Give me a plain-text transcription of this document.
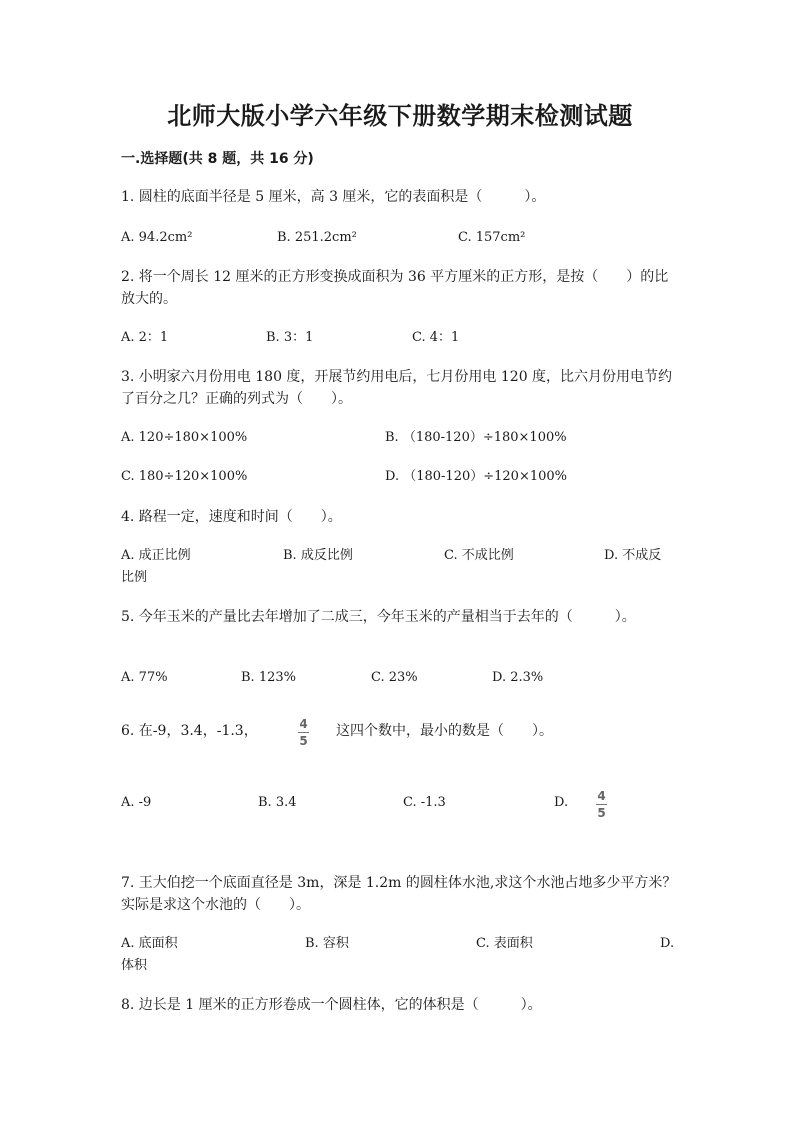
北师大版小学六年级下册数学期末检测试题
一.选择题(共 8 题，共 16 分)
1. 圆柱的底面半径是 5 厘米，高 3 厘米，它的表面积是（　　　）。
A. 94.2cm²	B. 251.2cm²	C. 157cm²
2. 将一个周长 12 厘米的正方形变换成面积为 36 平方厘米的正方形，是按（　　）的比放大的。
A. 2：1	B. 3：1	C. 4：1
3. 小明家六月份用电 180 度，开展节约用电后，七月份用电 120 度，比六月份用电节约了百分之几？正确的列式为（　　）。
A. 120÷180×100%	B. （180-120）÷180×100%
C. 180÷120×100%	D. （180-120）÷120×100%
4. 路程一定，速度和时间（　　）。
A. 成正比例	B. 成反比例	C. 不成比例	D. 不成反
比例
5. 今年玉米的产量比去年增加了二成三，今年玉米的产量相当于去年的（　　　）。
A. 77%	B. 123%	C. 23%	D. 2.3%
6. 在-9，3.4，-1.3，	4
5
这四个数中，最小的数是（　　）。
A. -9	B. 3.4	C. -1.3	D. 4
5
7. 王大伯挖一个底面直径是 3m，深是 1.2m 的圆柱体水池,求这个水池占地多少平方米？实际是求这个水池的（　　）。
A. 底面积	B. 容积	C. 表面积	D.
体积
8. 边长是 1 厘米的正方形卷成一个圆柱体，它的体积是（　　　）。
